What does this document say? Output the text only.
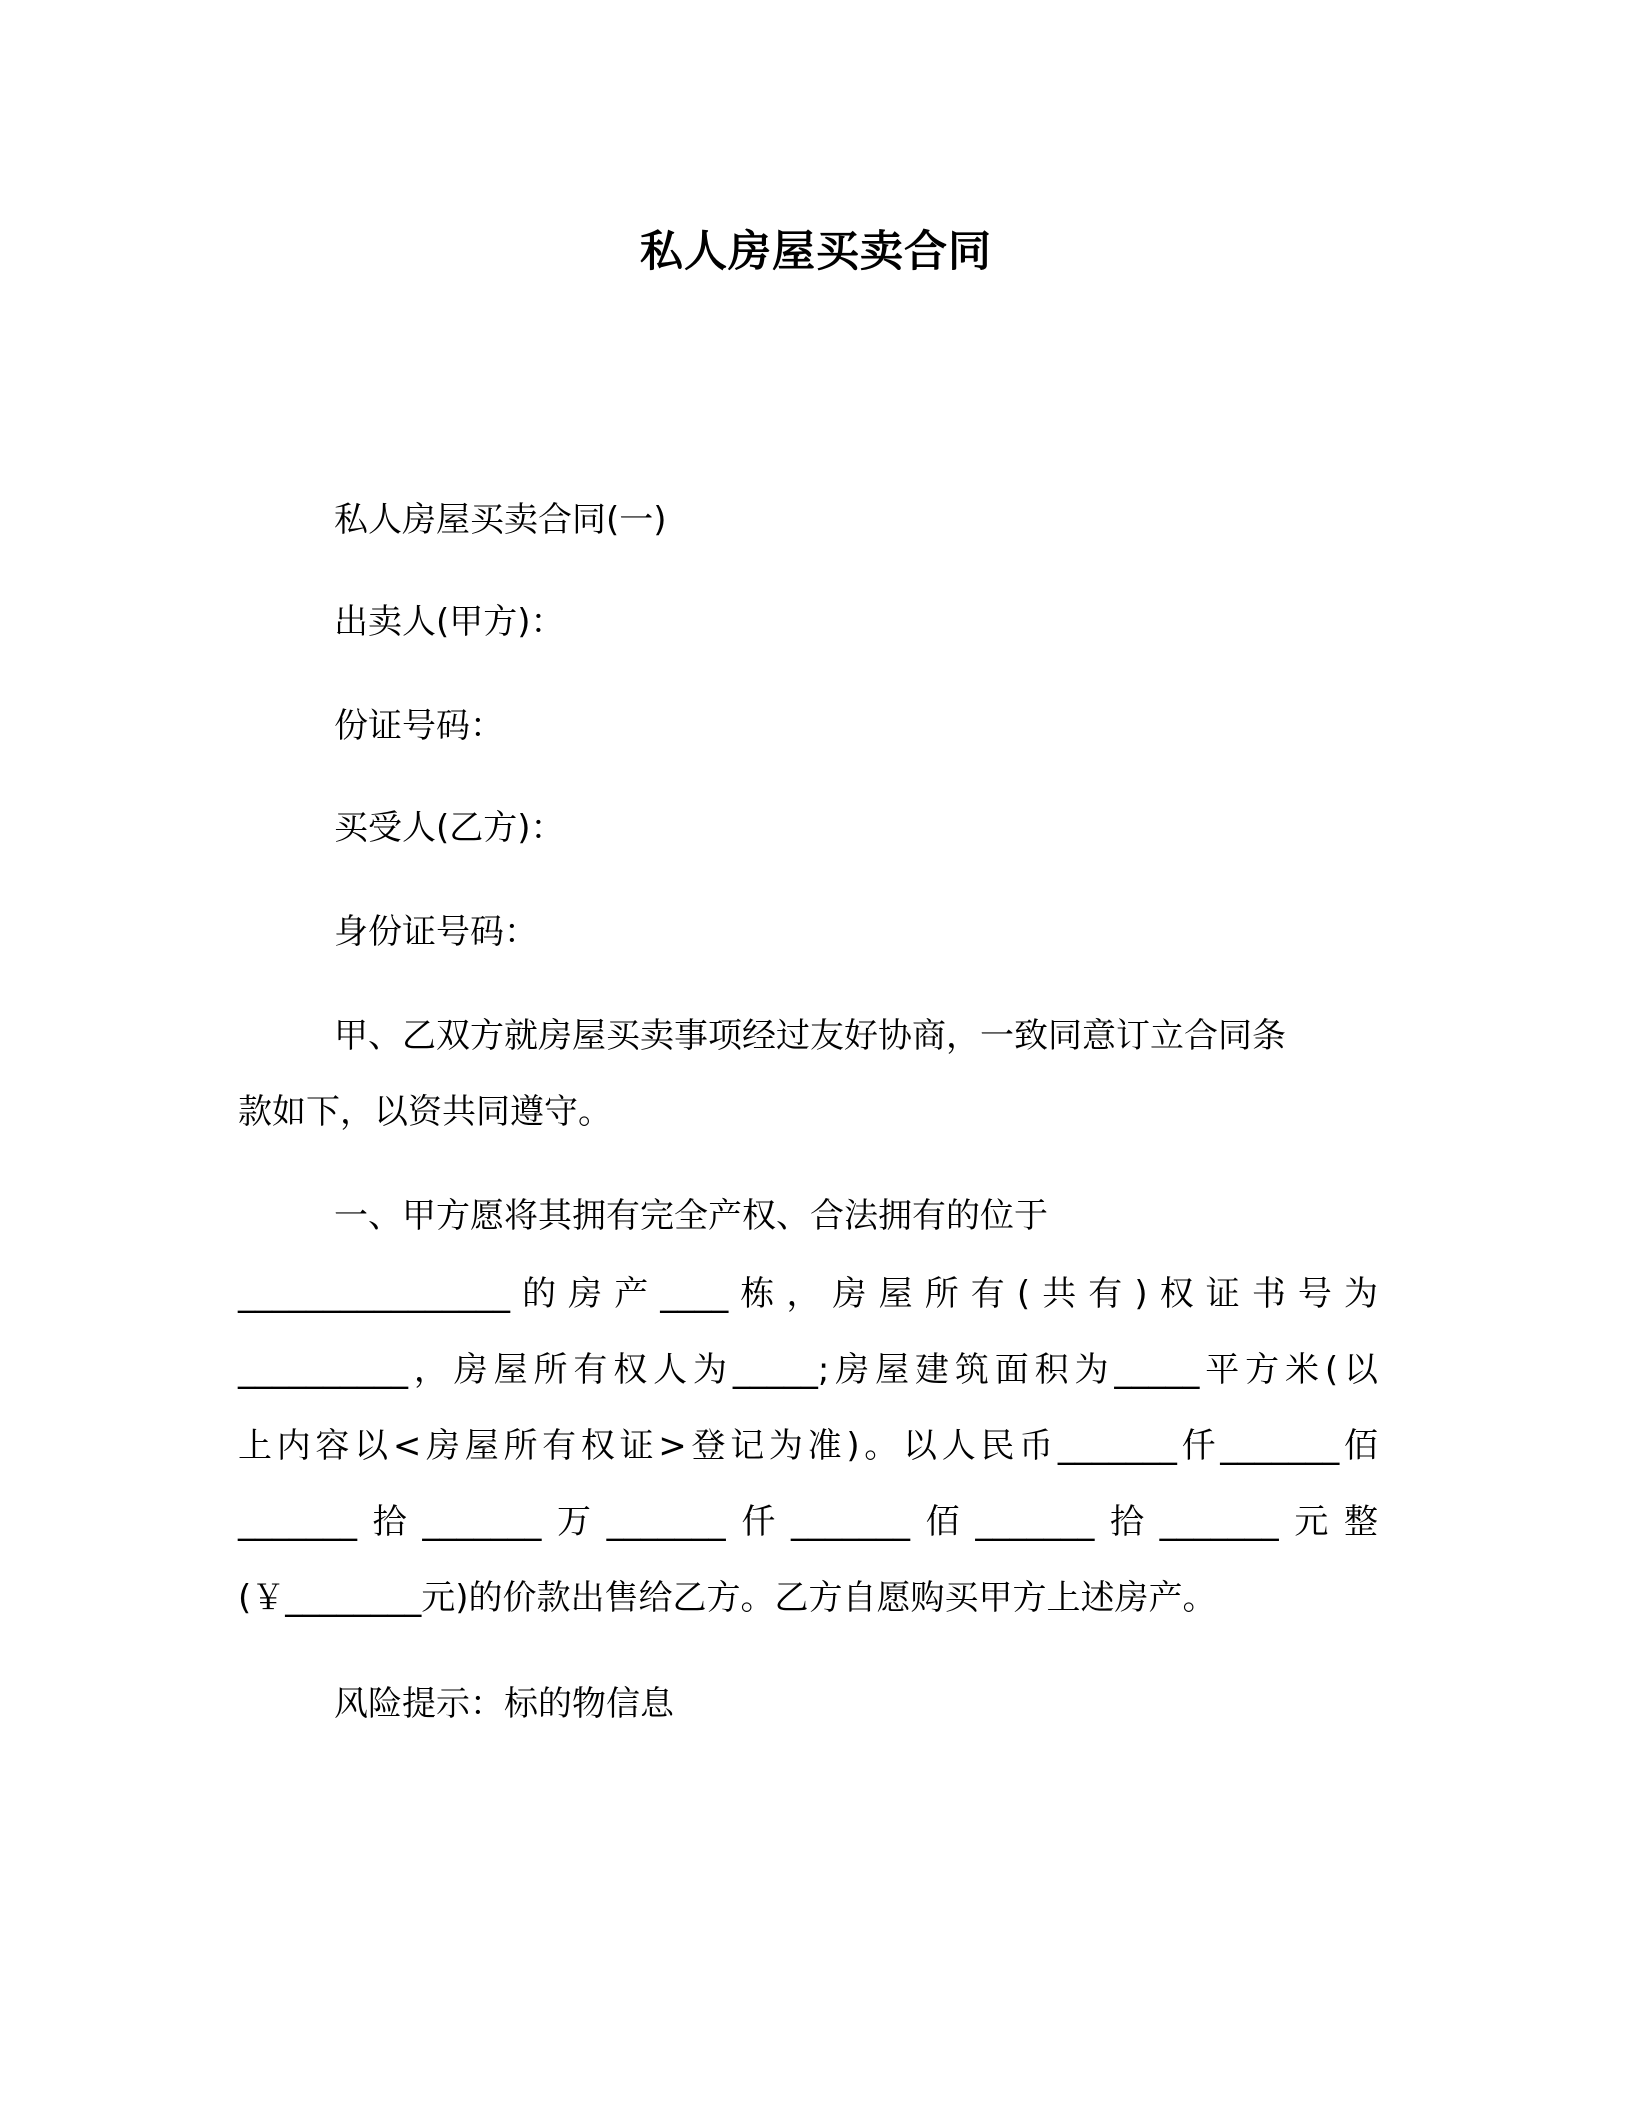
私人房屋买卖合同
私人房屋买卖合同(一)
出卖人(甲方)：
份证号码：
买受人(乙方)：
身份证号码：
甲、乙双方就房屋买卖事项经过友好协商，一致同意订立合同条
款如下，以资共同遵守。
一、甲方愿将其拥有完全产权、合法拥有的位于
________________的房产____栋，房屋所有(共有)权证书号为
__________，房屋所有权人为_____;房屋建筑面积为_____平方米(以
上内容以<房屋所有权证>登记为准)。以人民币_______仟_______佰
_______拾_______万_______仟_______佰_______拾_______元整
(￥________元)的价款出售给乙方。乙方自愿购买甲方上述房产。
风险提示：标的物信息
